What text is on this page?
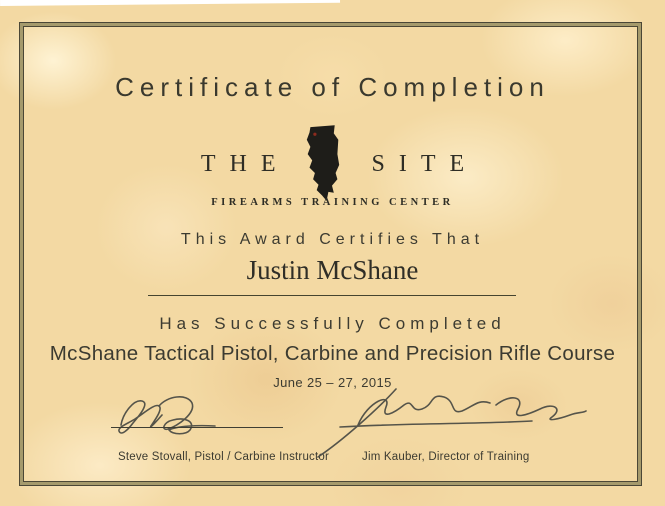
Certificate of Completion
THE	SITE
FIREARMS TRAINING CENTER
This Award Certifies That
Justin McShane
Has Successfully Completed
McShane Tactical Pistol, Carbine and Precision Rifle Course
June 25 – 27, 2015
Steve Stovall, Pistol / Carbine Instructor	Jim Kauber, Director of Training
